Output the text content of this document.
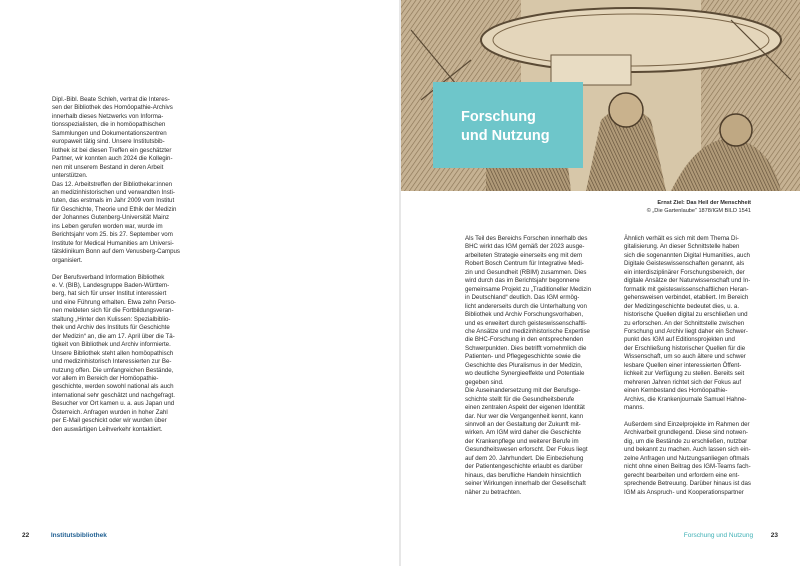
Dipl.-Bibl. Beate Schleh, vertrat die Interes-
sen der Bibliothek des Homöopathie-Archivs
innerhalb dieses Netzwerks von Informa-
tionsspezialisten, die in homöopathischen
Sammlungen und Dokumentationszentren
europaweit tätig sind. Unsere Institutsbib-
liothek ist bei diesen Treffen ein geschätzter
Partner, wir konnten auch 2024 die Kollegin-
nen mit unserem Bestand in deren Arbeit
unterstützen.
Das 12. Arbeitstreffen der Bibliothekar:innen
an medizinhistorischen und verwandten Insti-
tuten, das erstmals im Jahr 2009 vom Institut
für Geschichte, Theorie und Ethik der Medizin
der Johannes Gutenberg-Universität Mainz
ins Leben gerufen worden war, wurde im
Berichtsjahr vom 25. bis 27. September vom
Institute for Medical Humanities am Universi-
tätsklinikum Bonn auf dem Venusberg-Campus
organisiert.

Der Berufsverband Information Bibliothek
e. V. (BIB), Landesgruppe Baden-Württem-
berg, hat sich für unser Institut interessiert
und eine Führung erhalten. Etwa zehn Perso-
nen meldeten sich für die Fortbildungsveran-
staltung „Hinter den Kulissen: Spezialbiblio-
thek und Archiv des Instituts für Geschichte
der Medizin“ an, die am 17. April über die Tä-
tigkeit von Bibliothek und Archiv informierte.
Unsere Bibliothek steht allen homöopathisch
und medizinhistorisch Interessierten zur Be-
nutzung offen. Die umfangreichen Bestände,
vor allem im Bereich der Homöopathie-
geschichte, werden sowohl national als auch
international sehr geschätzt und nachgefragt.
Besucher vor Ort kamen u. a. aus Japan und
Österreich. Anfragen wurden in hoher Zahl
per E-Mail geschickt oder wir wurden über
den auswärtigen Leihverkehr kontaktiert.
22	Institutsbibliothek
Forschung
und Nutzung
Ernst Ziel: Das Heil der Menschheit
© „Die Gartenlaube“ 1878/IGM BILD 1541
Als Teil des Bereichs Forschen innerhalb des
BHC wirkt das IGM gemäß der 2023 ausge-
arbeiteten Strategie einerseits eng mit dem
Robert Bosch Centrum für Integrative Medi-
zin und Gesundheit (RBIM) zusammen. Dies
wird durch das im Berichtsjahr begonnene
gemeinsame Projekt zu „Traditioneller Medizin
in Deutschland“ deutlich. Das IGM ermög-
licht andererseits durch die Unterhaltung von
Bibliothek und Archiv Forschungsvorhaben,
und es erweitert durch geisteswissenschaftli-
che Ansätze und medizinhistorische Expertise
die BHC-Forschung in den entsprechenden
Schwerpunkten. Dies betrifft vornehmlich die
Patienten- und Pflegegeschichte sowie die
Geschichte des Pluralismus in der Medizin,
wo deutliche Synergieeffekte und Potentiale
gegeben sind.
Die Auseinandersetzung mit der Berufsge-
schichte stellt für die Gesundheitsberufe
einen zentralen Aspekt der eigenen Identität
dar. Nur wer die Vergangenheit kennt, kann
sinnvoll an der Gestaltung der Zukunft mit-
wirken. Am IGM wird daher die Geschichte
der Krankenpflege und weiterer Berufe im
Gesundheitswesen erforscht. Der Fokus liegt
auf dem 20. Jahrhundert. Die Einbeziehung
der Patientengeschichte erlaubt es darüber
hinaus, das berufliche Handeln hinsichtlich
seiner Wirkungen innerhalb der Gesellschaft
näher zu betrachten.
Ähnlich verhält es sich mit dem Thema Di-
gitalisierung. An dieser Schnittstelle haben
sich die sogenannten Digital Humanities, auch
Digitale Geisteswissenschaften genannt, als
ein interdisziplinärer Forschungsbereich, der
digitale Ansätze der Naturwissenschaft und In-
formatik mit geisteswissenschaftlichen Heran-
gehensweisen verbindet, etabliert. Im Bereich
der Medizingeschichte bedeutet dies, u. a.
historische Quellen digital zu erschließen und
zu erforschen. An der Schnittstelle zwischen
Forschung und Archiv liegt daher ein Schwer-
punkt des IGM auf Editionsprojekten und
der Erschließung historischer Quellen für die
Wissenschaft, um so auch ältere und schwer
lesbare Quellen einer interessierten Öffent-
lichkeit zur Verfügung zu stellen. Bereits seit
mehreren Jahren richtet sich der Fokus auf
einen Kernbestand des Homöopathie-
Archivs, die Krankenjournale Samuel Hahne-
manns.

Außerdem sind Einzelprojekte im Rahmen der
Archivarbeit grundlegend. Diese sind notwen-
dig, um die Bestände zu erschließen, nutzbar
und bekannt zu machen. Auch lassen sich ein-
zelne Anfragen und Nutzungsanliegen oftmals
nicht ohne einen Beitrag des IGM-Teams fach-
gerecht bearbeiten und erfordern eine ent-
sprechende Betreuung. Darüber hinaus ist das
IGM als Anspruch- und Kooperationspartner
Forschung und Nutzung	23
